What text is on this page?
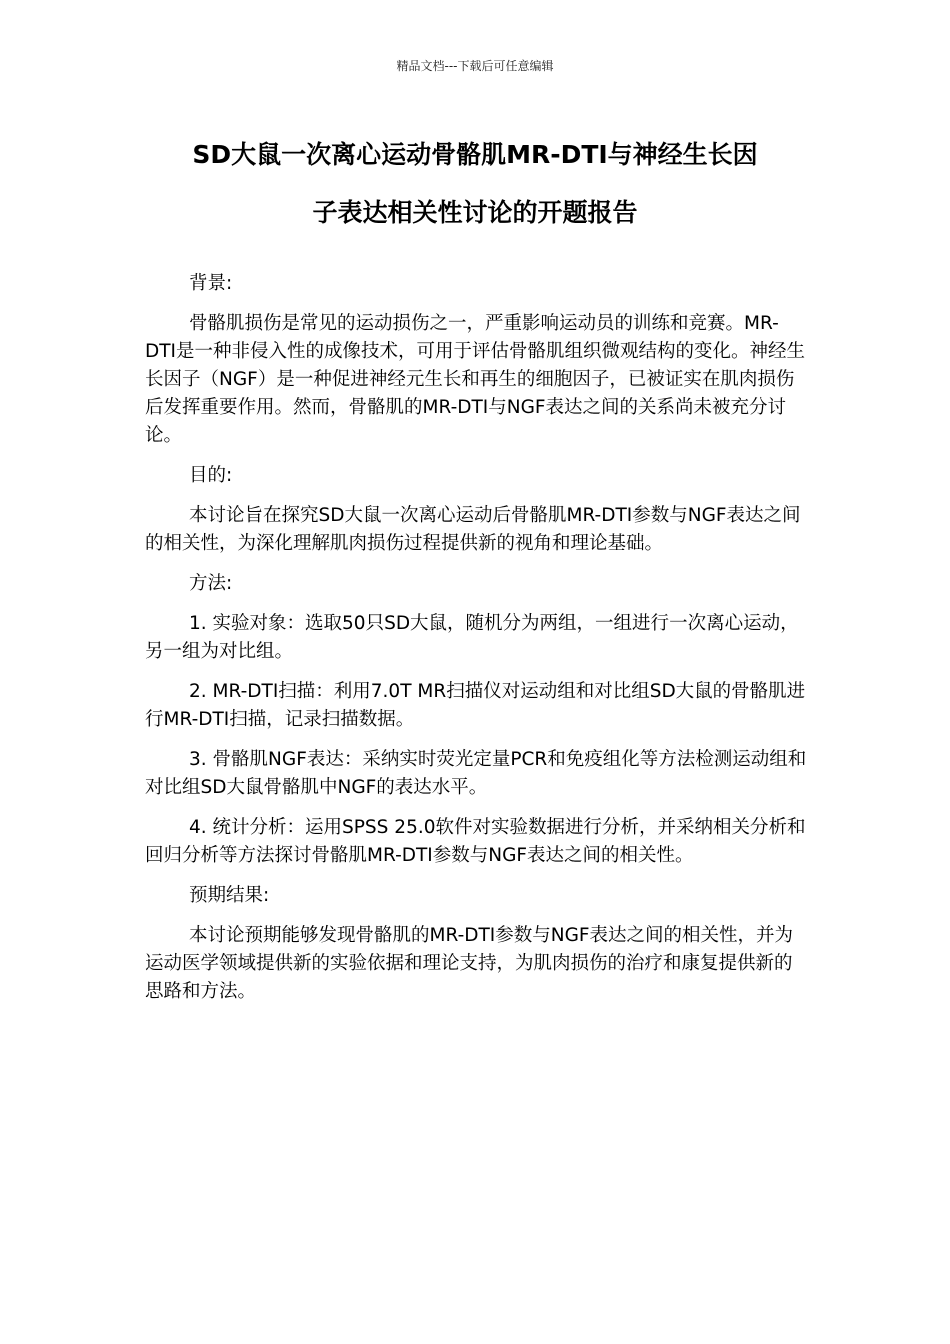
精品文档---下载后可任意编辑
SD大鼠一次离心运动骨骼肌MR-DTI与神经生长因
子表达相关性讨论的开题报告

背景:

骨骼肌损伤是常见的运动损伤之一，严重影响运动员的训练和竞赛。MR-DTI是一种非侵入性的成像技术，可用于评估骨骼肌组织微观结构的变化。神经生长因子（NGF）是一种促进神经元生长和再生的细胞因子，已被证实在肌肉损伤后发挥重要作用。然而，骨骼肌的MR-DTI与NGF表达之间的关系尚未被充分讨论。

目的:

本讨论旨在探究SD大鼠一次离心运动后骨骼肌MR-DTI参数与NGF表达之间的相关性，为深化理解肌肉损伤过程提供新的视角和理论基础。

方法:

1. 实验对象：选取50只SD大鼠，随机分为两组，一组进行一次离心运动，另一组为对比组。

2. MR-DTI扫描：利用7.0T MR扫描仪对运动组和对比组SD大鼠的骨骼肌进行MR-DTI扫描，记录扫描数据。

3. 骨骼肌NGF表达：采纳实时荧光定量PCR和免疫组化等方法检测运动组和对比组SD大鼠骨骼肌中NGF的表达水平。

4. 统计分析：运用SPSS 25.0软件对实验数据进行分析，并采纳相关分析和回归分析等方法探讨骨骼肌MR-DTI参数与NGF表达之间的相关性。

预期结果:

本讨论预期能够发现骨骼肌的MR-DTI参数与NGF表达之间的相关性，并为运动医学领域提供新的实验依据和理论支持，为肌肉损伤的治疗和康复提供新的思路和方法。
